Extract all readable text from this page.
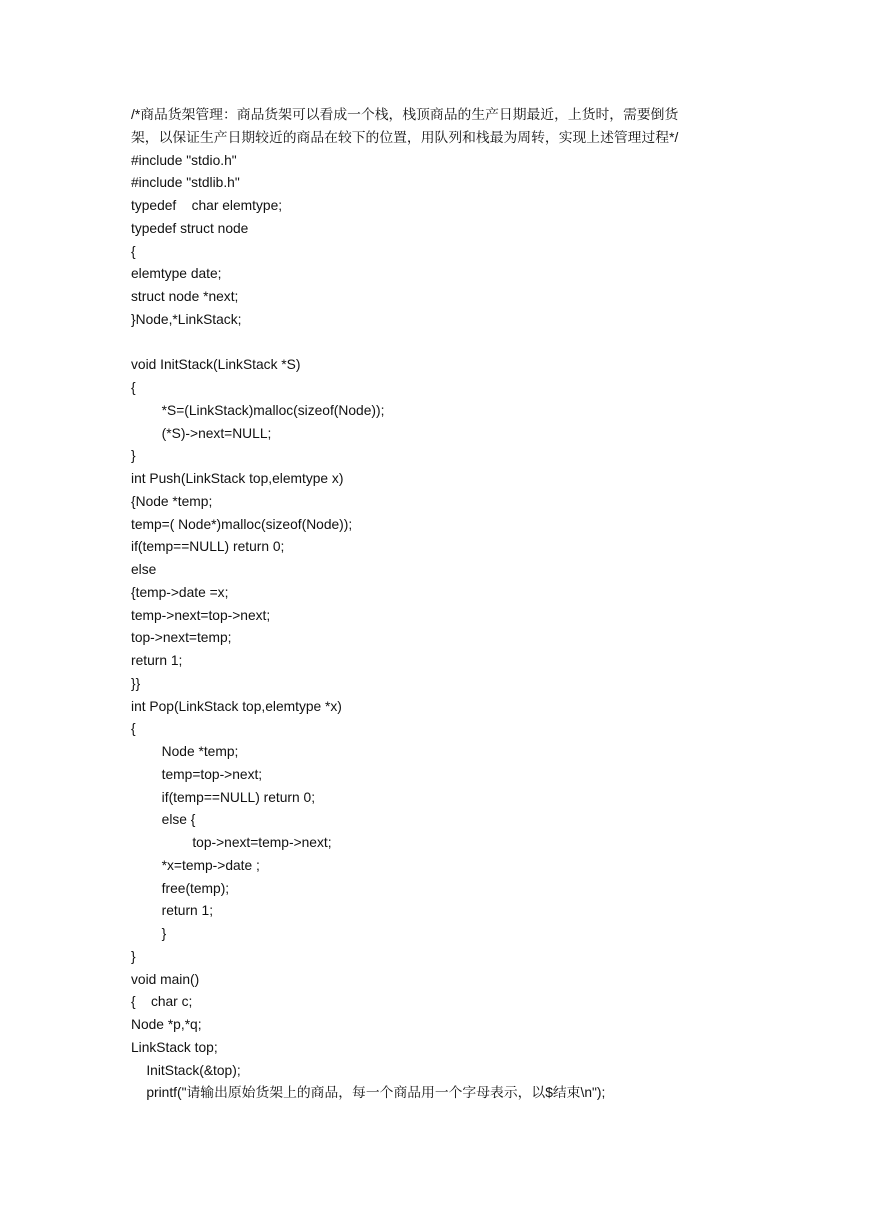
/*商品货架管理：商品货架可以看成一个栈，栈顶商品的生产日期最近，上货时，需要倒货
架，以保证生产日期较近的商品在较下的位置，用队列和栈最为周转，实现上述管理过程*/
#include "stdio.h"
#include "stdlib.h"
typedef    char elemtype;
typedef struct node
{
elemtype date;
struct node *next;
}Node,*LinkStack;
void InitStack(LinkStack *S)
{
*S=(LinkStack)malloc(sizeof(Node));
(*S)->next=NULL;
}
int Push(LinkStack top,elemtype x)
{Node *temp;
temp=( Node*)malloc(sizeof(Node));
if(temp==NULL) return 0;
else
{temp->date =x;
temp->next=top->next;
top->next=temp;
return 1;
}}
int Pop(LinkStack top,elemtype *x)
{
Node *temp;
temp=top->next;
if(temp==NULL) return 0;
else {
top->next=temp->next;
*x=temp->date ;
free(temp);
return 1;
}
}
void main()
{    char c;
Node *p,*q;
LinkStack top;
InitStack(&top);
printf("请输出原始货架上的商品，每一个商品用一个字母表示，以$结束\n");
